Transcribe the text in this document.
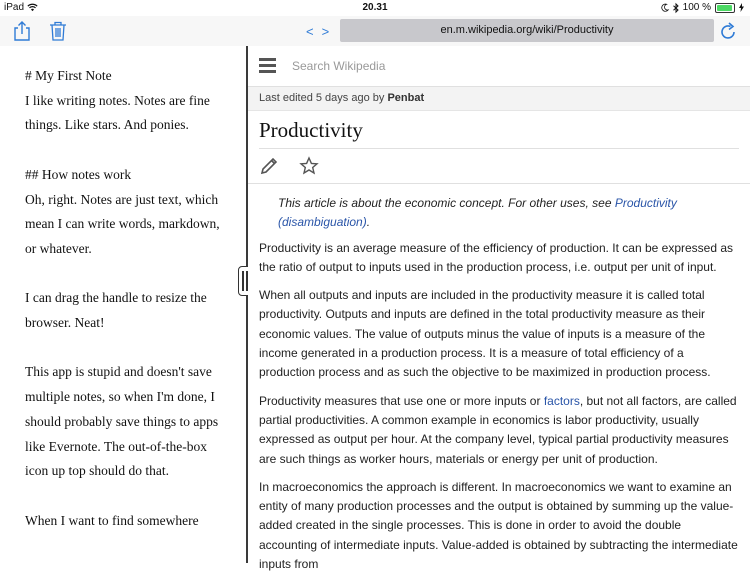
iPad	20.31	100 %
< >	en.m.wikipedia.org/wiki/Productivity

# My First Note

I like writing notes. Notes are fine things. Like stars. And ponies.

## How notes work

Oh, right. Notes are just text, which mean I can write words, markdown, or whatever.

I can drag the handle to resize the browser. Neat!

This app is stupid and doesn't save multiple notes, so when I'm done, I should probably save things to apps like Evernote. The out-of-the-box icon up top should do that.

When I want to find somewhere

Search Wikipedia
Last edited 5 days ago by Penbat
Productivity

This article is about the economic concept. For other uses, see Productivity (disambiguation).

Productivity is an average measure of the efficiency of production. It can be expressed as the ratio of output to inputs used in the production process, i.e. output per unit of input.

When all outputs and inputs are included in the productivity measure it is called total productivity. Outputs and inputs are defined in the total productivity measure as their economic values. The value of outputs minus the value of inputs is a measure of the income generated in a production process. It is a measure of total efficiency of a production process and as such the objective to be maximized in production process.

Productivity measures that use one or more inputs or factors, but not all factors, are called partial productivities. A common example in economics is labor productivity, usually expressed as output per hour. At the company level, typical partial productivity measures are such things as worker hours, materials or energy per unit of production.

In macroeconomics the approach is different. In macroeconomics we want to examine an entity of many production processes and the output is obtained by summing up the value-added created in the single processes. This is done in order to avoid the double accounting of intermediate inputs. Value-added is obtained by subtracting the intermediate inputs from
